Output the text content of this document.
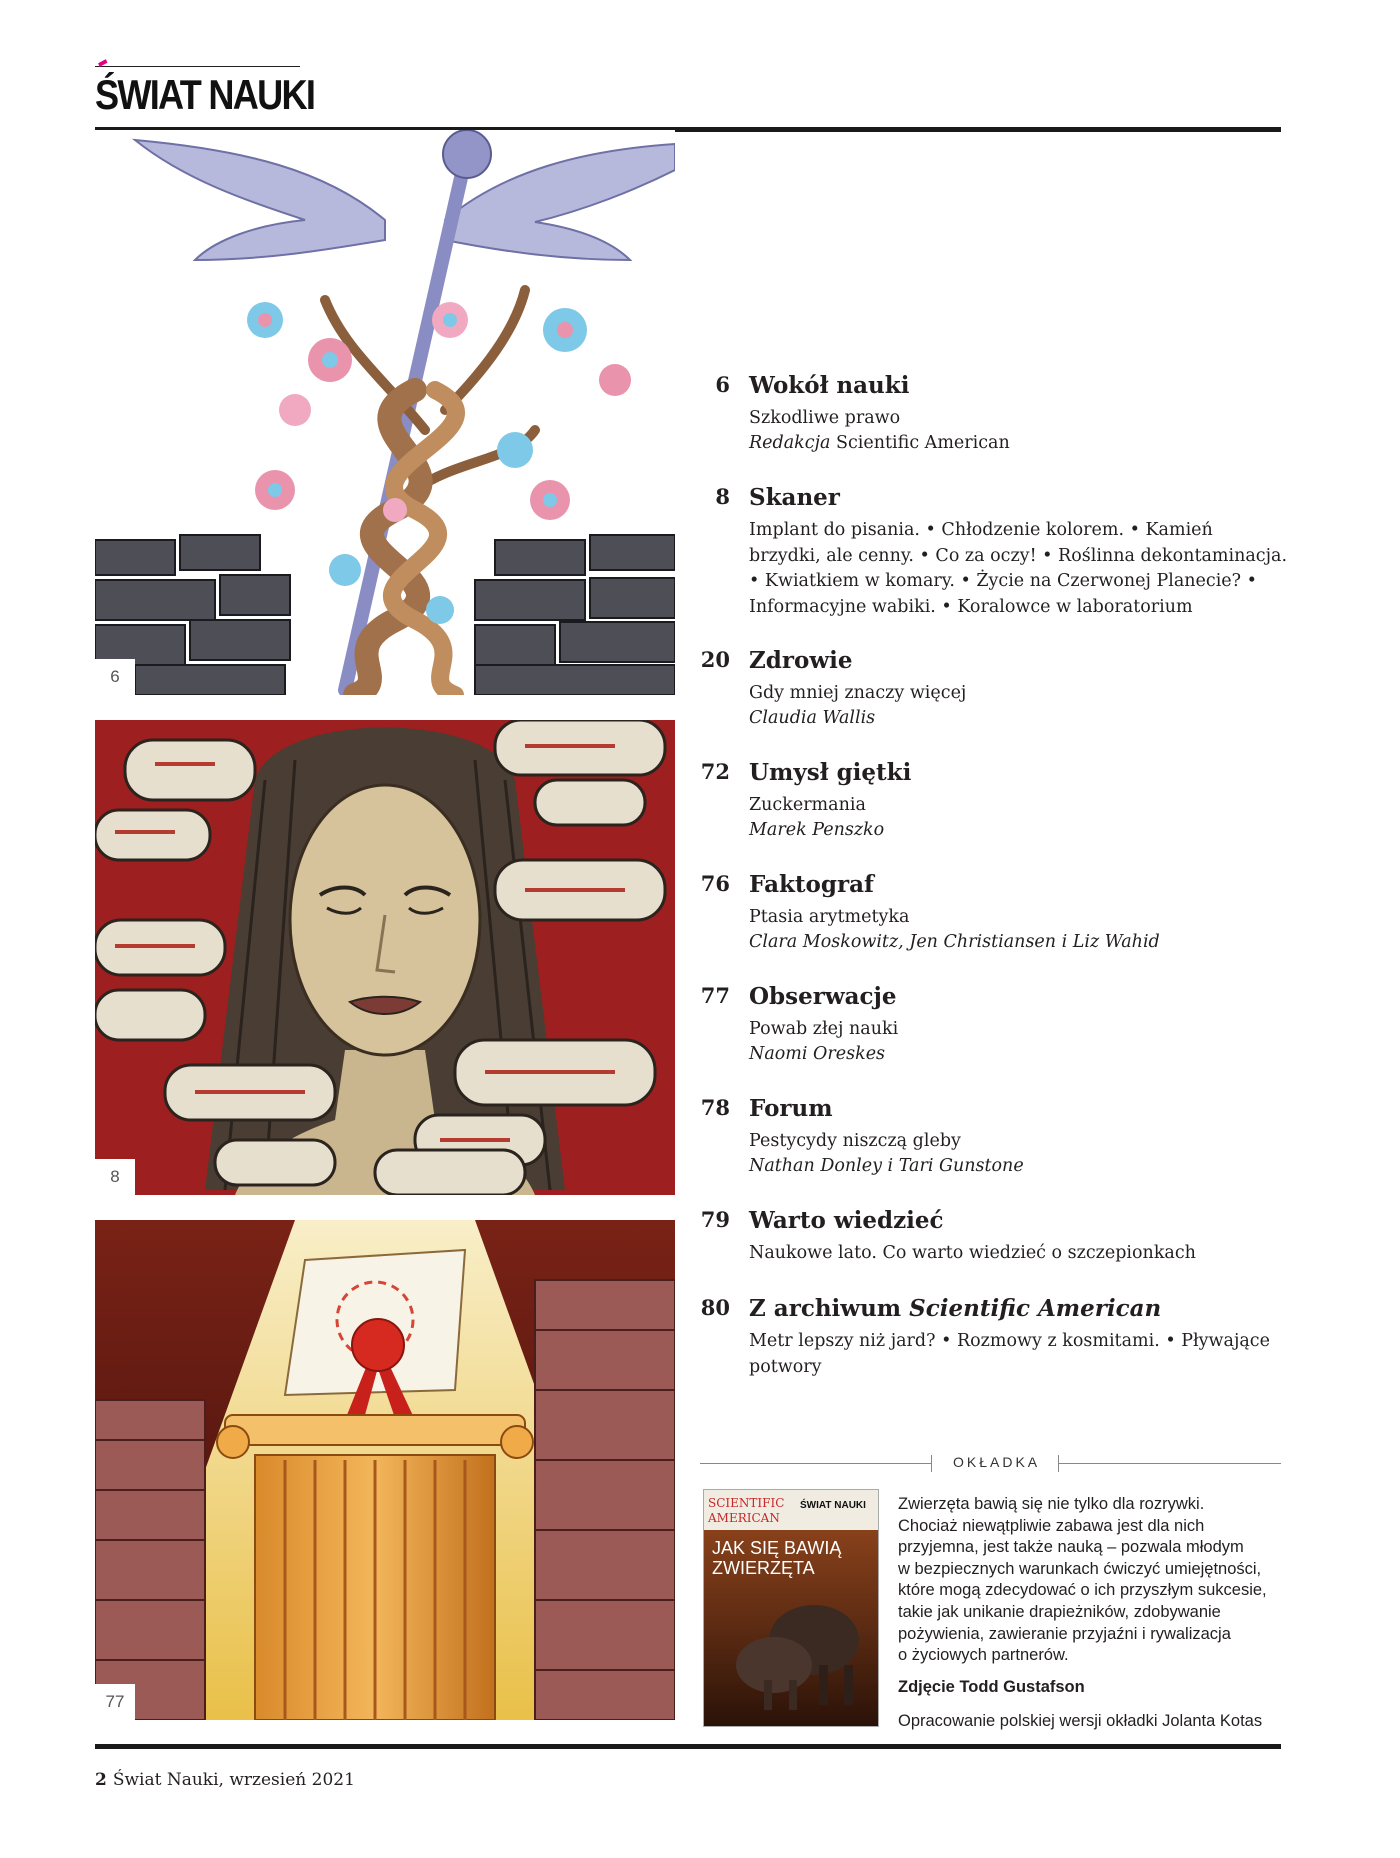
ŚWIAT NAUKI
6
8
77
6 Wokół nauki
Szkodliwe prawo
Redakcja Scientific American
8 Skaner
Implant do pisania. • Chłodzenie kolorem. • Kamień
brzydki, ale cenny. • Co za oczy! • Roślinna dekontaminacja.
• Kwiatkiem w komary. • Życie na Czerwonej Planecie? •
Informacyjne wabiki. • Koralowce w laboratorium
20 Zdrowie
Gdy mniej znaczy więcej
Claudia Wallis
72 Umysł giętki
Zuckermania
Marek Penszko
76 Faktograf
Ptasia arytmetyka
Clara Moskowitz, Jen Christiansen i Liz Wahid
77 Obserwacje
Powab złej nauki
Naomi Oreskes
78 Forum
Pestycydy niszczą gleby
Nathan Donley i Tari Gunstone
79 Warto wiedzieć
Naukowe lato. Co warto wiedzieć o szczepionkach
80 Z archiwum Scientific American
Metr lepszy niż jard? • Rozmowy z kosmitami. • Pływające
potwory
OKŁADKA
SCIENTIFIC
AMERICAN
ŚWIAT NAUKI
JAK SIĘ BAWIĄ
ZWIERZĘTA
Zwierzęta bawią się nie tylko dla rozrywki.
Chociaż niewątpliwie zabawa jest dla nich
przyjemna, jest także nauką – pozwala młodym
w bezpiecznych warunkach ćwiczyć umiejętności,
które mogą zdecydować o ich przyszłym sukcesie,
takie jak unikanie drapieżników, zdobywanie
pożywienia, zawieranie przyjaźni i rywalizacja
o życiowych partnerów.
Zdjęcie Todd Gustafson
Opracowanie polskiej wersji okładki Jolanta Kotas
2 Świat Nauki, wrzesień 2021
